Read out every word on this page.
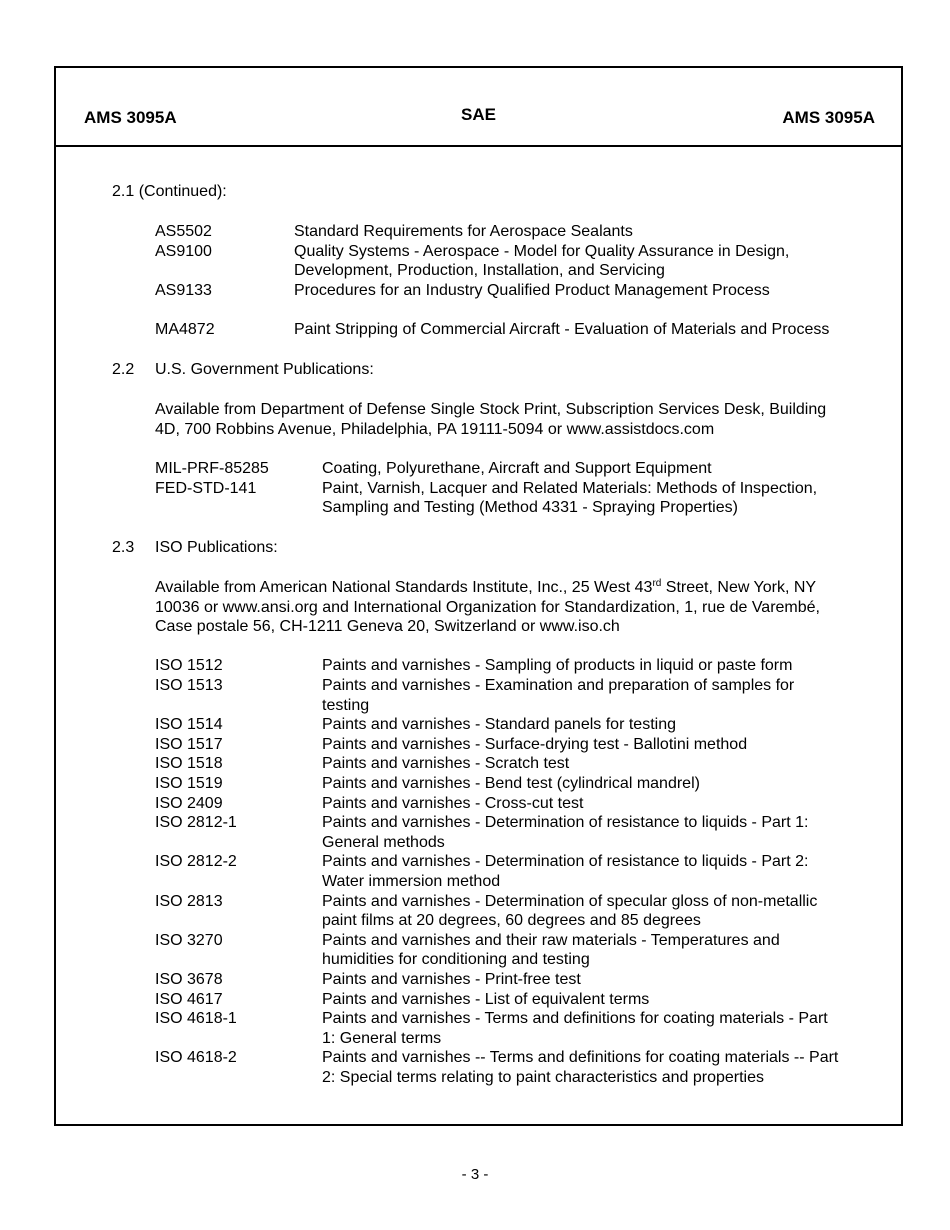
AMS 3095A	SAE	AMS 3095A
2.1 (Continued):
AS5502	Standard Requirements for Aerospace Sealants
AS9100	Quality Systems - Aerospace - Model for Quality Assurance in Design,
Development, Production, Installation, and Servicing
AS9133	Procedures for an Industry Qualified Product Management Process
MA4872	Paint Stripping of Commercial Aircraft - Evaluation of Materials and Process
2.2 U.S. Government Publications:
Available from Department of Defense Single Stock Print, Subscription Services Desk, Building
4D, 700 Robbins Avenue, Philadelphia, PA 19111-5094 or www.assistdocs.com
MIL-PRF-85285	Coating, Polyurethane, Aircraft and Support Equipment
FED-STD-141	Paint, Varnish, Lacquer and Related Materials: Methods of Inspection,
Sampling and Testing (Method 4331 - Spraying Properties)
2.3 ISO Publications:
Available from American National Standards Institute, Inc., 25 West 43rd Street, New York, NY
10036 or www.ansi.org and International Organization for Standardization, 1, rue de Varembé,
Case postale 56, CH-1211 Geneva 20, Switzerland or www.iso.ch
ISO 1512	Paints and varnishes - Sampling of products in liquid or paste form
ISO 1513	Paints and varnishes - Examination and preparation of samples for
testing
ISO 1514	Paints and varnishes - Standard panels for testing
ISO 1517	Paints and varnishes - Surface-drying test - Ballotini method
ISO 1518	Paints and varnishes - Scratch test
ISO 1519	Paints and varnishes - Bend test (cylindrical mandrel)
ISO 2409	Paints and varnishes - Cross-cut test
ISO 2812-1	Paints and varnishes - Determination of resistance to liquids - Part 1:
General methods
ISO 2812-2	Paints and varnishes - Determination of resistance to liquids - Part 2:
Water immersion method
ISO 2813	Paints and varnishes - Determination of specular gloss of non-metallic
paint films at 20 degrees, 60 degrees and 85 degrees
ISO 3270	Paints and varnishes and their raw materials - Temperatures and
humidities for conditioning and testing
ISO 3678	Paints and varnishes - Print-free test
ISO 4617	Paints and varnishes - List of equivalent terms
ISO 4618-1	Paints and varnishes - Terms and definitions for coating materials - Part
1: General terms
ISO 4618-2	Paints and varnishes -- Terms and definitions for coating materials -- Part
2: Special terms relating to paint characteristics and properties
- 3 -
